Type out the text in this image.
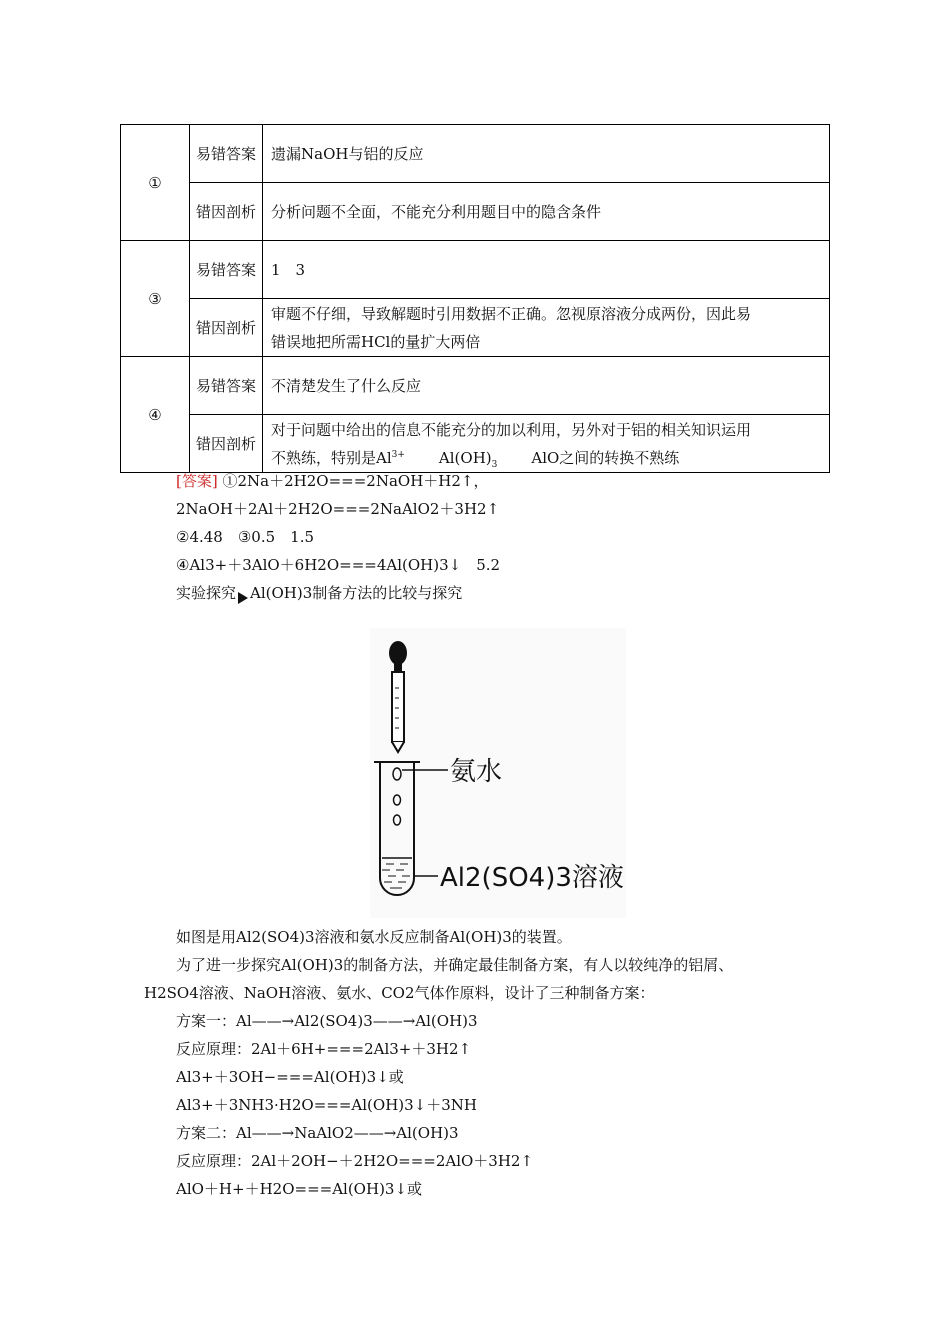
①	易错答案	遗漏NaOH与铝的反应
	错因剖析	分析问题不全面，不能充分利用题目中的隐含条件
③	易错答案	1　3
	错因剖析	审题不仔细，导致解题时引用数据不正确。忽视原溶液分成两份，因此易
错误地把所需HCl的量扩大两倍
④	易错答案	不清楚发生了什么反应
	错因剖析	对于问题中给出的信息不能充分的加以利用，另外对于铝的相关知识运用
不熟练，特别是$Al^{3+}$ $Al(OH)_3$ AlO之间的转换不熟练
[答案] ①2Na＋2H2O===2NaOH＋H2↑，
2NaOH＋2Al＋2H2O===2NaAlO2＋3H2↑
②4.48　③0.5　1.5
④Al3+＋3AlO＋6H2O===4Al(OH)3↓　5.2
实验探究 Al(OH)3制备方法的比较与探究
氨水
Al2(SO4)3溶液
如图是用Al2(SO4)3溶液和氨水反应制备Al(OH)3的装置。
为了进一步探究Al(OH)3的制备方法，并确定最佳制备方案，有人以较纯净的铝屑、
H2SO4溶液、NaOH溶液、氨水、CO2气体作原料，设计了三种制备方案：
方案一：Al——→Al2(SO4)3——→Al(OH)3
反应原理：2Al＋6H+===2Al3+＋3H2↑
Al3+＋3OH−===Al(OH)3↓或
Al3+＋3NH3·H2O===Al(OH)3↓＋3NH
方案二：Al——→NaAlO2——→Al(OH)3
反应原理：2Al＋2OH−＋2H2O===2AlO＋3H2↑
AlO＋H+＋H2O===Al(OH)3↓或
